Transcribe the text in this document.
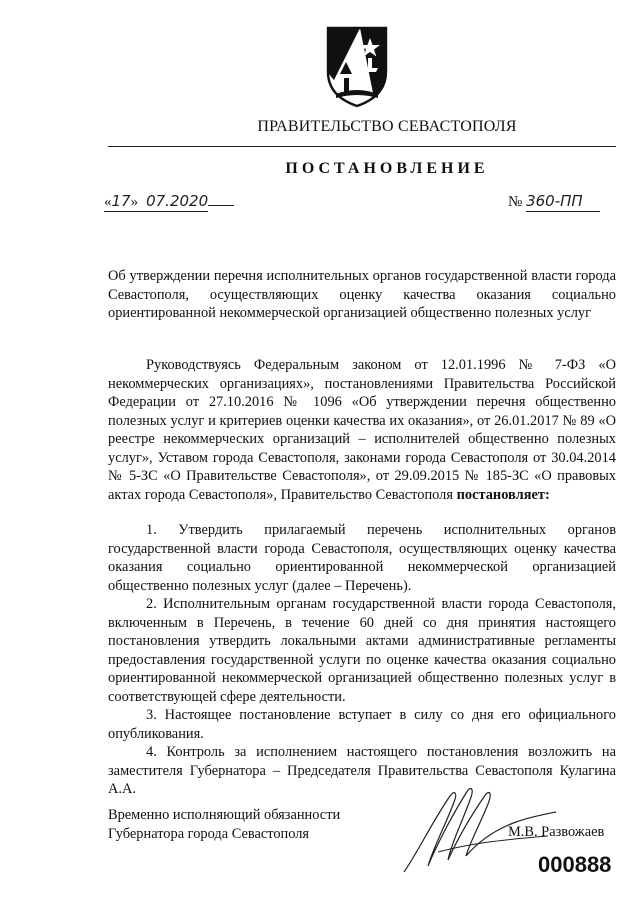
ПРАВИТЕЛЬСТВО СЕВАСТОПОЛЯ
ПОСТАНОВЛЕНИЕ
«17» 07.2020	№ 360-ПП
Об утверждении перечня исполнительных органов государственной власти города Севастополя, осуществляющих оценку качества оказания социально ориентированной некоммерческой организацией общественно полезных услуг

Руководствуясь Федеральным законом от 12.01.1996 № 7-ФЗ «О некоммерческих организациях», постановлениями Правительства Российской Федерации от 27.10.2016 № 1096 «Об утверждении перечня общественно полезных услуг и критериев оценки качества их оказания», от 26.01.2017 № 89 «О реестре некоммерческих организаций – исполнителей общественно полезных услуг», Уставом города Севастополя, законами города Севастополя от 30.04.2014 № 5-ЗС «О Правительстве Севастополя», от 29.09.2015 № 185-ЗС «О правовых актах города Севастополя», Правительство Севастополя постановляет:

1. Утвердить прилагаемый перечень исполнительных органов государственной власти города Севастополя, осуществляющих оценку качества оказания социально ориентированной некоммерческой организацией общественно полезных услуг (далее – Перечень).

2. Исполнительным органам государственной власти города Севастополя, включенным в Перечень, в течение 60 дней со дня принятия настоящего постановления утвердить локальными актами административные регламенты предоставления государственной услуги по оценке качества оказания социально ориентированной некоммерческой организацией общественно полезных услуг в соответствующей сфере деятельности.

3. Настоящее постановление вступает в силу со дня его официального опубликования.

4. Контроль за исполнением настоящего постановления возложить на заместителя Губернатора – Председателя Правительства Севастополя Кулагина А.А.

Временно исполняющий обязанности
Губернатора города Севастополя	М.В. Развожаев
000888
